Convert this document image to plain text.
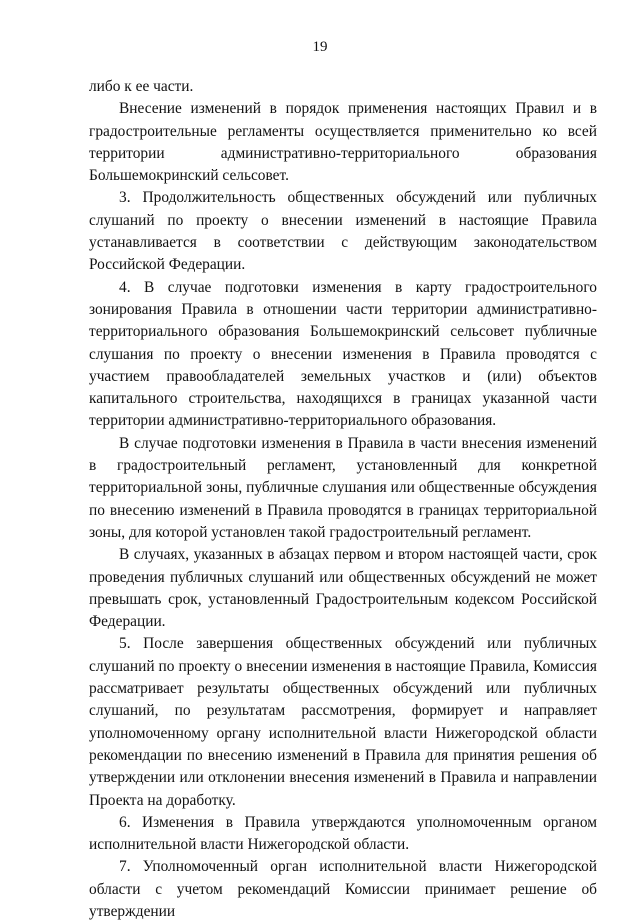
19

либо к ее части.

Внесение изменений в порядок применения настоящих Правил и в градостроительные регламенты осуществляется применительно ко всей территории административно-территориального образования Большемокринский сельсовет.

3. Продолжительность общественных обсуждений или публичных слушаний по проекту о внесении изменений в настоящие Правила устанавливается в соответствии с действующим законодательством Российской Федерации.

4. В случае подготовки изменения в карту градостроительного зонирования Правила в отношении части территории административно-территориального образования Большемокринский сельсовет публичные слушания по проекту о внесении изменения в Правила проводятся с участием правообладателей земельных участков и (или) объектов капитального строительства, находящихся в границах указанной части территории административно-территориального образования.

В случае подготовки изменения в Правила в части внесения изменений в градостроительный регламент, установленный для конкретной территориальной зоны, публичные слушания или общественные обсуждения по внесению изменений в Правила проводятся в границах территориальной зоны, для которой установлен такой градостроительный регламент.

В случаях, указанных в абзацах первом и втором настоящей части, срок проведения публичных слушаний или общественных обсуждений не может превышать срок, установленный Градостроительным кодексом Российской Федерации.

5. После завершения общественных обсуждений или публичных слушаний по проекту о внесении изменения в настоящие Правила, Комиссия рассматривает результаты общественных обсуждений или публичных слушаний, по результатам рассмотрения, формирует и направляет уполномоченному органу исполнительной власти Нижегородской области рекомендации по внесению изменений в Правила для принятия решения об утверждении или отклонении внесения изменений в Правила и направлении Проекта на доработку.

6. Изменения в Правила утверждаются уполномоченным органом исполнительной власти Нижегородской области.

7. Уполномоченный орган исполнительной власти Нижегородской области с учетом рекомендаций Комиссии принимает решение об утверждении
